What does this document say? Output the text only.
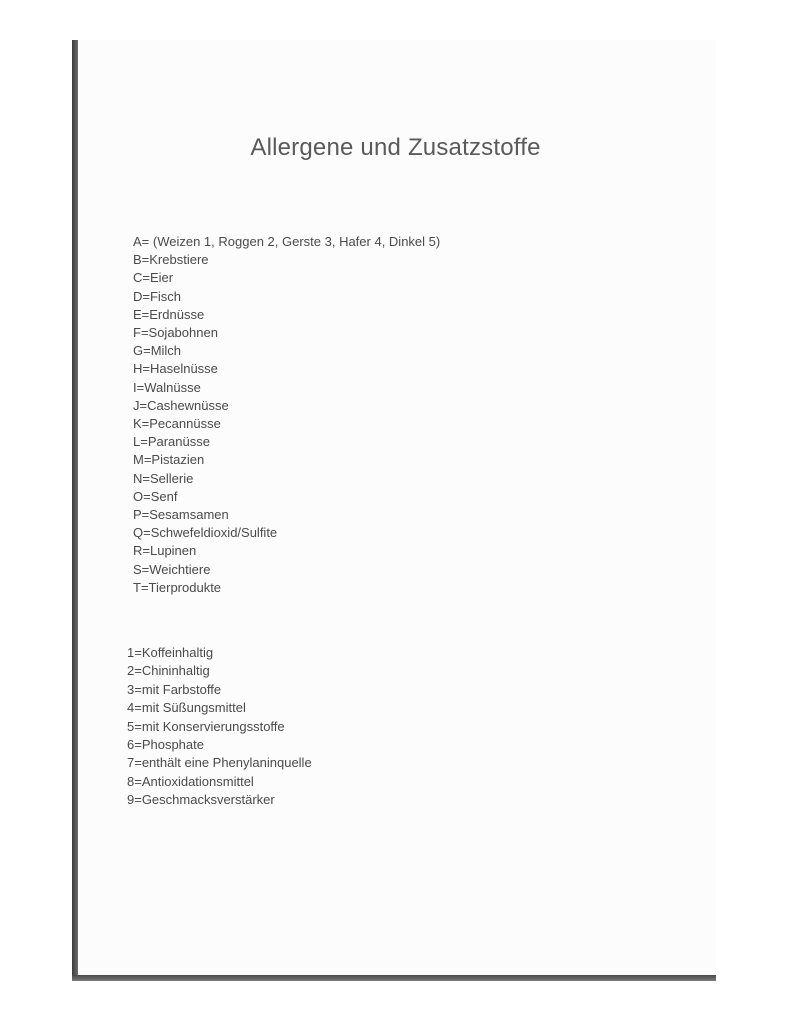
Allergene und Zusatzstoffe
A= (Weizen 1, Roggen 2, Gerste 3, Hafer 4, Dinkel 5)
B=Krebstiere
C=Eier
D=Fisch
E=Erdnüsse
F=Sojabohnen
G=Milch
H=Haselnüsse
I=Walnüsse
J=Cashewnüsse
K=Pecannüsse
L=Paranüsse
M=Pistazien
N=Sellerie
O=Senf
P=Sesamsamen
Q=Schwefeldioxid/Sulfite
R=Lupinen
S=Weichtiere
T=Tierprodukte
1=Koffeinhaltig
2=Chininhaltig
3=mit Farbstoffe
4=mit Süßungsmittel
5=mit Konservierungsstoffe
6=Phosphate
7=enthält eine Phenylaninquelle
8=Antioxidationsmittel
9=Geschmacksverstärker
